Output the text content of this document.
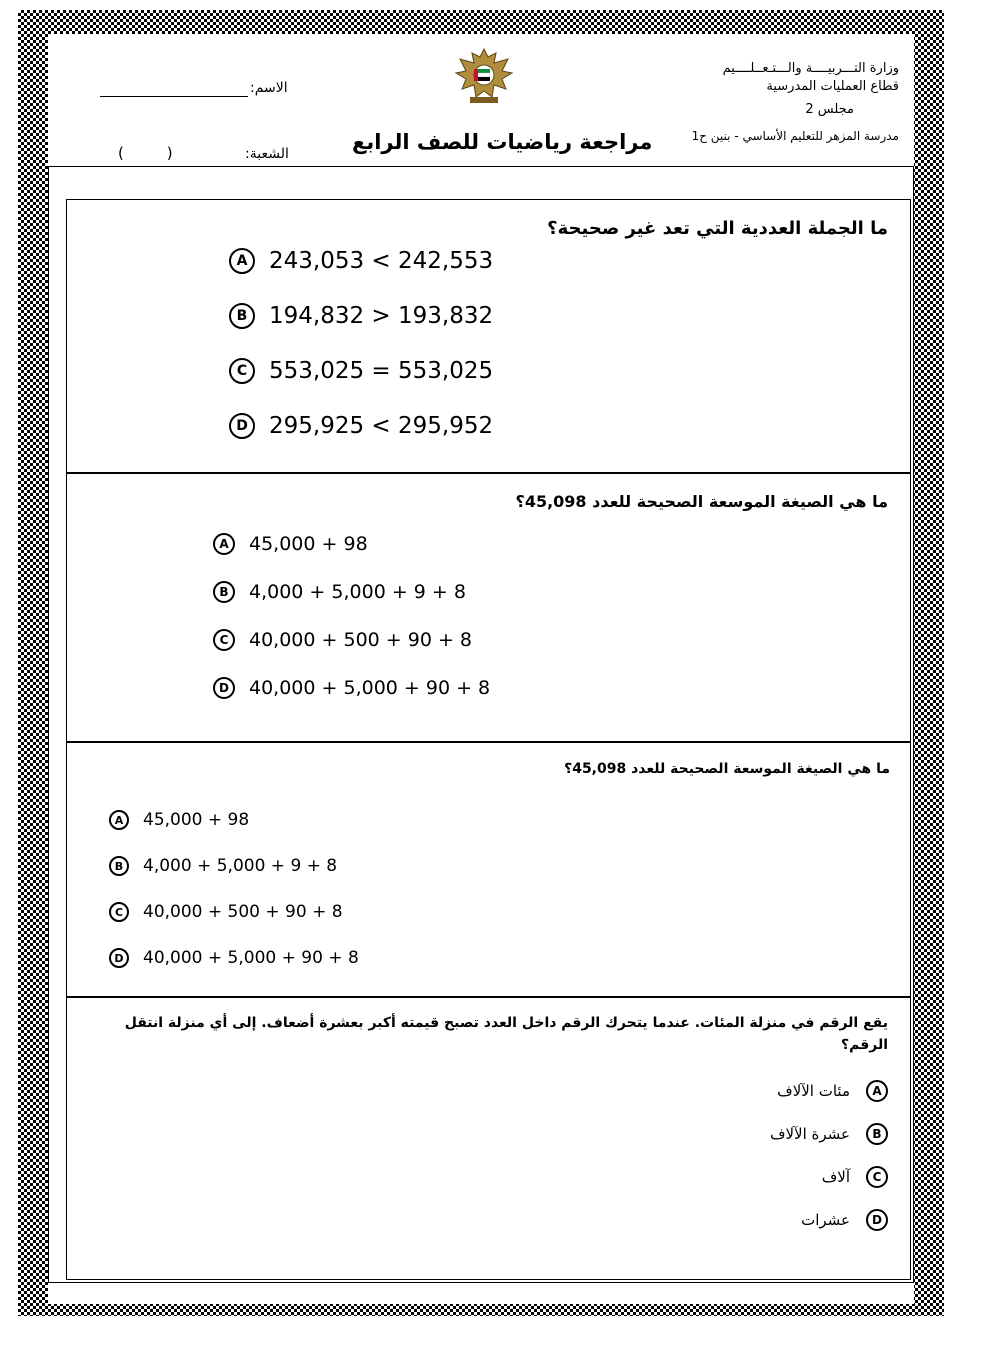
وزارة التـــربيــــة والـــتـعــلــــيم
قطاع العمليات المدرسية
مجلس 2
مدرسة المزهر للتعليم الأساسي - بنين ح1
مراجعة رياضيات للصف الرابع
الاسم:
الشعبة:
(         )
ما الجملة العددية التي تعد غير صحيحة؟
A 243,053 < 242,553
B 194,832 > 193,832
C 553,025 = 553,025
D 295,925 < 295,952
ما هي الصيغة الموسعة الصحيحة للعدد 45,098؟
A	45,000 + 98
B	4,000 + 5,000 + 9 + 8
C	40,000 + 500 + 90 + 8
D	40,000 + 5,000 + 90 + 8
ما هي الصيغة الموسعة الصحيحة للعدد 45,098؟
A	45,000 + 98
B	4,000 + 5,000 + 9 + 8
C	40,000 + 500 + 90 + 8
D	40,000 + 5,000 + 90 + 8
يقع الرقم في منزلة المئات. عندما يتحرك الرقم داخل العدد تصبح قيمته أكبر بعشرة أضعاف. إلى أي منزلة انتقل الرقم؟
A
مئات الآلاف
B
عشرة الآلاف
C
آلاف
D
عشرات
